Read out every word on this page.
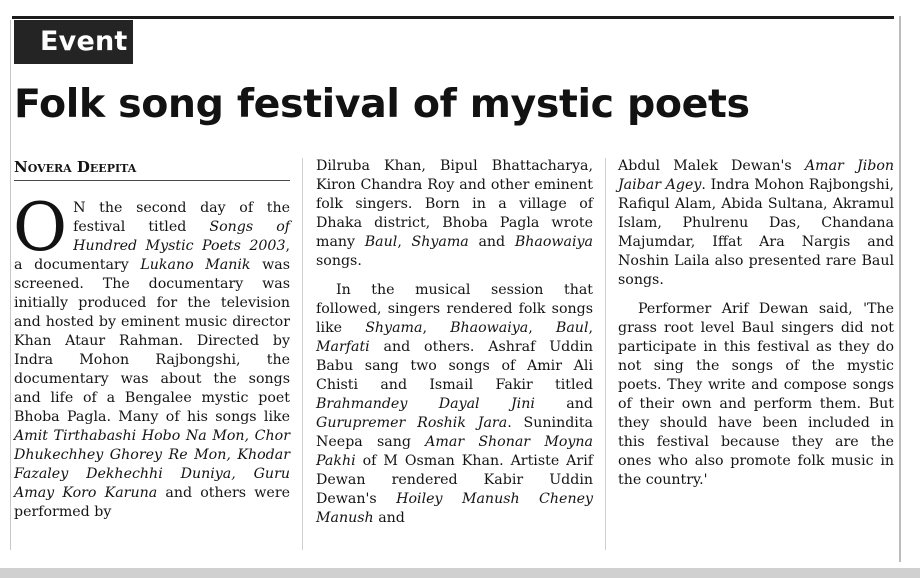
Event
Folk song festival of mystic poets
Novera Deepita

O N the second day of the festival titled Songs of Hundred Mystic Poets 2003, a documentary Lukano Manik was screened. The documentary was initially produced for the television and hosted by eminent music director Khan Ataur Rahman. Directed by Indra Mohon Rajbongshi, the documentary was about the songs and life of a Bengalee mystic poet Bhoba Pagla. Many of his songs like Amit Tirthabashi Hobo Na Mon, Chor Dhukechhey Ghorey Re Mon, Khodar Fazaley Dekhechhi Duniya, Guru Amay Koro Karuna and others were performed by

Dilruba Khan, Bipul Bhattacharya, Kiron Chandra Roy and other eminent folk singers. Born in a village of Dhaka district, Bhoba Pagla wrote many Baul, Shyama and Bhaowaiya songs.

In the musical session that followed, singers rendered folk songs like Shyama, Bhaowaiya, Baul, Marfati and others. Ashraf Uddin Babu sang two songs of Amir Ali Chisti and Ismail Fakir titled Brahmandey Dayal Jini and Gurupremer Roshik Jara. Sunindita Neepa sang Amar Shonar Moyna Pakhi of M Osman Khan. Artiste Arif Dewan rendered Kabir Uddin Dewan's Hoiley Manush Cheney Manush and

Abdul Malek Dewan's Amar Jibon Jaibar Agey. Indra Mohon Rajbongshi, Rafiqul Alam, Abida Sultana, Akramul Islam, Phulrenu Das, Chandana Majumdar, Iffat Ara Nargis and Noshin Laila also presented rare Baul songs.

Performer Arif Dewan said, 'The grass root level Baul singers did not participate in this festival as they do not sing the songs of the mystic poets. They write and compose songs of their own and perform them. But they should have been included in this festival because they are the ones who also promote folk music in the country.'
